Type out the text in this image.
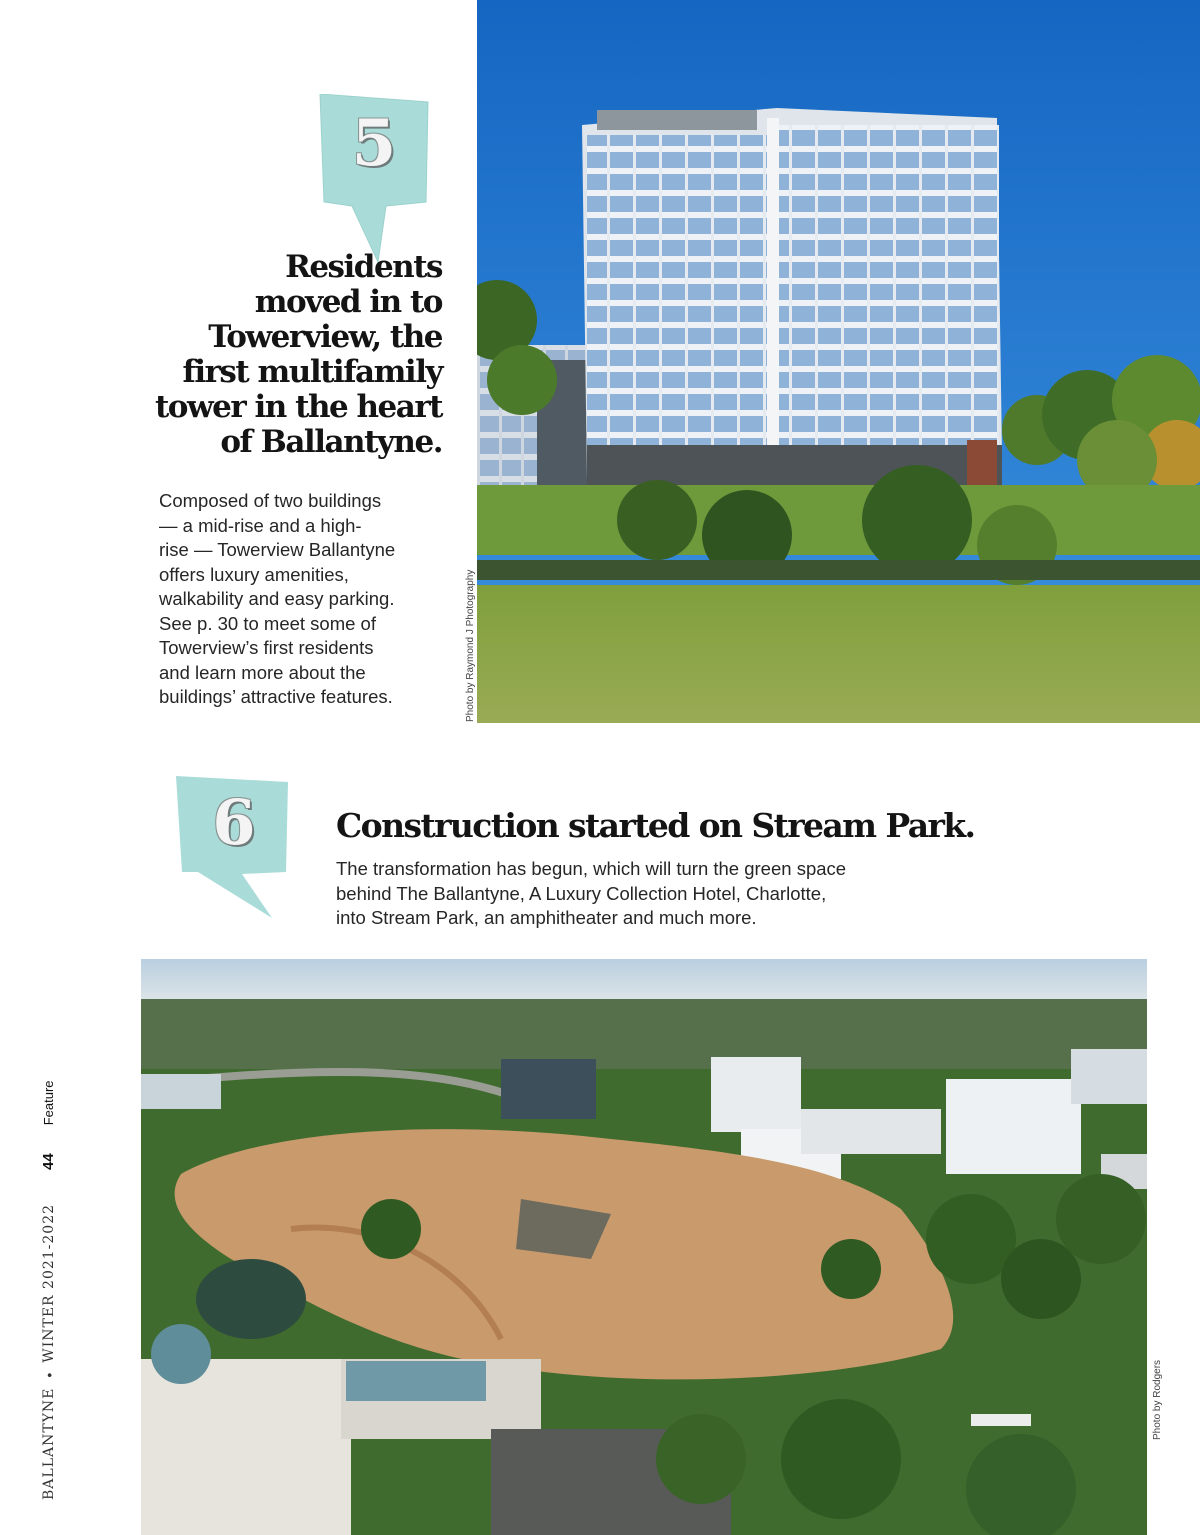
5
Residents
moved in to
Towerview, the
first multifamily
tower in the heart
of Ballantyne.
Composed of two buildings
— a mid-rise and a high-
rise — Towerview Ballantyne
offers luxury amenities,
walkability and easy parking.
See p. 30 to meet some of
Towerview’s first residents
and learn more about the
buildings’ attractive features.	Photo by Raymond J Photography
6 Construction started on Stream Park.
The transformation has begun, which will turn the green space
behind The Ballantyne, A Luxury Collection Hotel, Charlotte,
into Stream Park, an amphitheater and much more.
Photo by Rodgers
BALLANTYNE
•
WINTER 2021-2022
44
Feature
